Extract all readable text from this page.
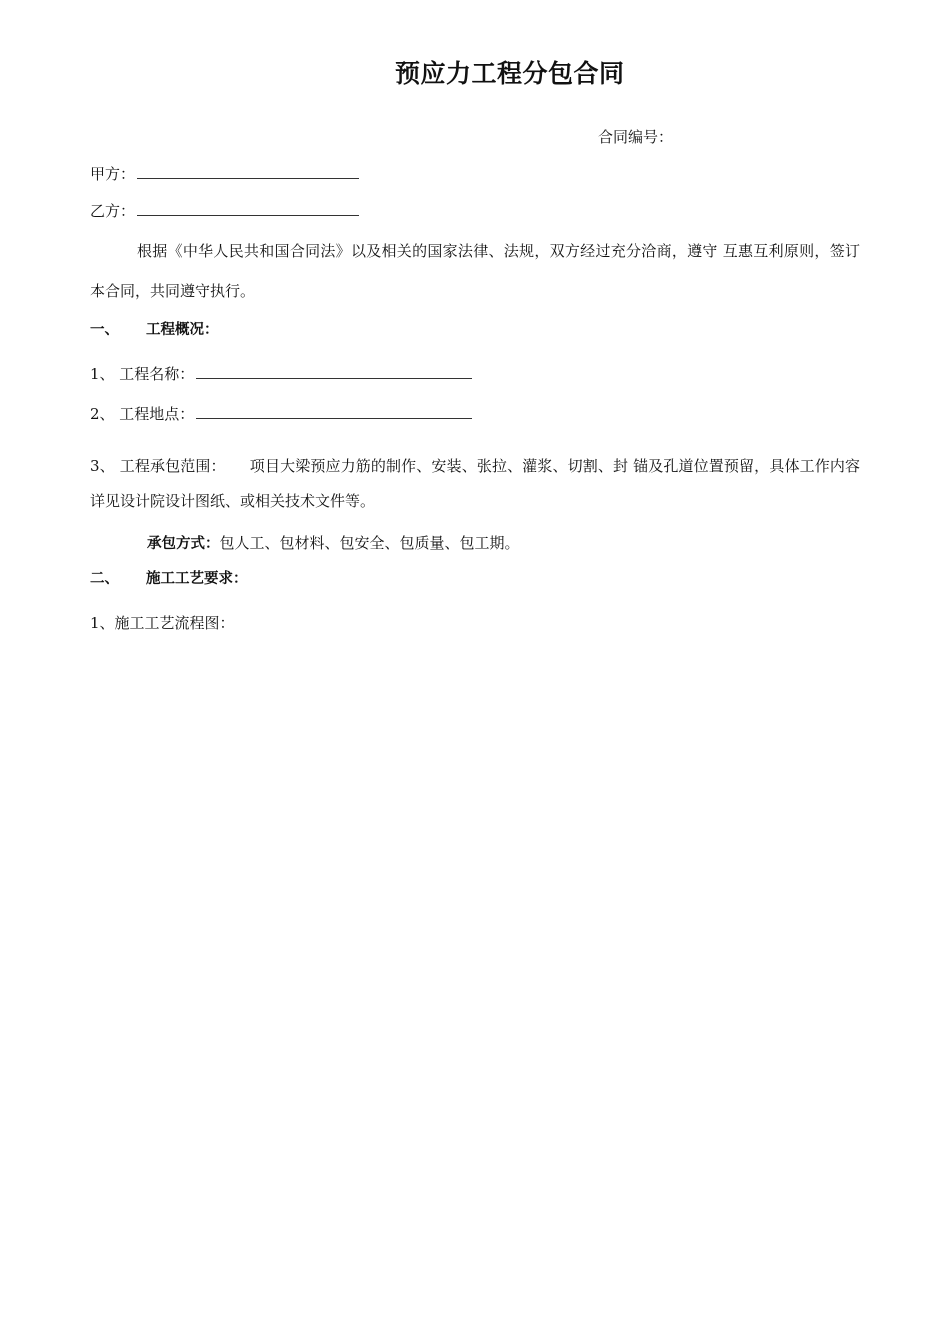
预应力工程分包合同
合同编号：
甲方：
乙方：
根据《中华人民共和国合同法》以及相关的国家法律、法规，双方经过充分洽商，遵守 互惠互利原则，签订本合同，共同遵守执行。
一、 工程概况：
1、 工程名称：
2、 工程地点：
3、 工程承包范围： 项目大梁预应力筋的制作、安装、张拉、灌浆、切割、封 锚及孔道位置预留，具体工作内容详见设计院设计图纸、或相关技术文件等。
承包方式：包人工、包材料、包安全、包质量、包工期。
二、 施工工艺要求：
1、施工工艺流程图：
